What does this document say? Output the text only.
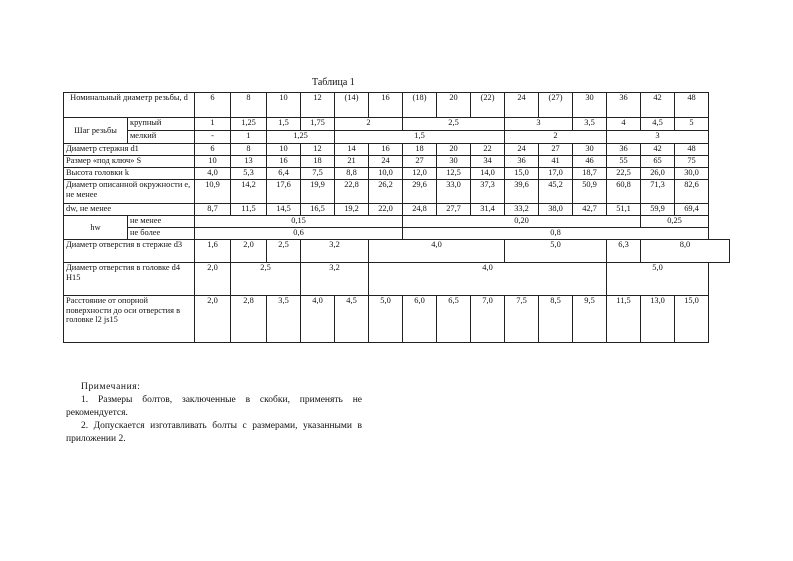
Таблица 1
Номинальный диаметр резьбы, d		6	8	10	12	(14)	16	(18)	20	(22)	24	(27)	30	36	42	48
Шаг резьбы	крупный	1	1,25	1,5	1,75	2		2,5			3		3,5	4	4,5	5
	мелкий	-	1	1,25		1,5					2			3		
Диаметр стержня d1		6	8	10	12	14	16	18	20	22	24	27	30	36	42	48
Размер «под ключ» S		10	13	16	18	21	24	27	30	34	36	41	46	55	65	75
Высота головки k		4,0	5,3	6,4	7,5	8,8	10,0	12,0	12,5	14,0	15,0	17,0	18,7	22,5	26,0	30,0
Диаметр описанной окружности e, не менее		10,9	14,2	17,6	19,9	22,8	26,2	29,6	33,0	37,3	39,6	45,2	50,9	60,8	71,3	82,6
dw, не менее		8,7	11,5	14,5	16,5	19,2	22,0	24,8	27,7	31,4	33,2	38,0	42,7	51,1	59,9	69,4
hw	не менее	0,15						0,20							0,25	
	не более	0,6						0,8								
Диаметр отверстия в стержне d3		1,6	2,0	2,5	3,2		4,0				5,0			6,3	8,0	
Диаметр отверстия в головке d4 H15		2,0	2,5		3,2		4,0							5,0		
Расстояние от опорной поверхности до оси отверстия в головке l2 js15		2,0	2,8	3,5	4,0	4,5	5,0	6,0	6,5	7,0	7,5	8,5	9,5	11,5	13,0	15,0
Примечания:
1. Размеры болтов, заключенные в скобки, применять не рекомендуется.
2. Допускается изготавливать болты с размерами, указанными в приложении 2.
